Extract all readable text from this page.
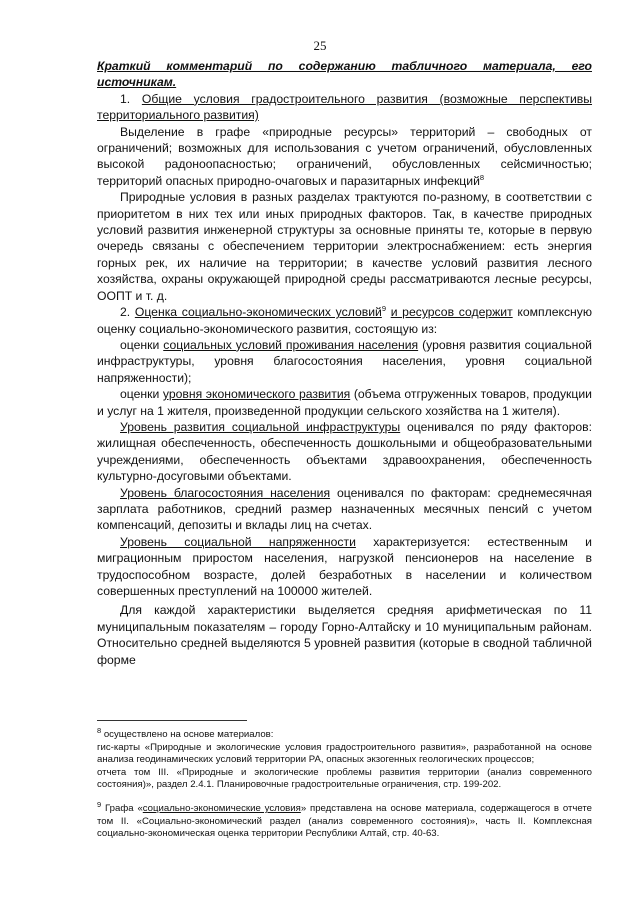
25

Краткий комментарий по содержанию табличного материала, его источникам.

1. Общие условия градостроительного развития (возможные перспективы территориального развития)

Выделение в графе «природные ресурсы» территорий – свободных от ограничений; возможных для использования с учетом ограничений, обусловленных высокой радоноопасностью; ограничений, обусловленных сейсмичностью; территорий опасных природно-очаговых и паразитарных инфекций$^8$

Природные условия в разных разделах трактуются по-разному, в соответствии с приоритетом в них тех или иных природных факторов. Так, в качестве природных условий развития инженерной структуры за основные приняты те, которые в первую очередь связаны с обеспечением территории электроснабжением: есть энергия горных рек, их наличие на территории; в качестве условий развития лесного хозяйства, охраны окружающей природной среды рассматриваются лесные ресурсы, ООПТ и т. д.

2. Оценка социально-экономических условий$^9$ и ресурсов содержит комплексную оценку социально-экономического развития, состоящую из:

оценки социальных условий проживания населения (уровня развития социальной инфраструктуры, уровня благосостояния населения, уровня социальной напряженности);

оценки уровня экономического развития (объема отгруженных товаров, продукции и услуг на 1 жителя, произведенной продукции сельского хозяйства на 1 жителя).

Уровень развития социальной инфраструктуры оценивался по ряду факторов: жилищная обеспеченность, обеспеченность дошкольными и общеобразовательными учреждениями, обеспеченность объектами здравоохранения, обеспеченность культурно-досуговыми объектами.

Уровень благосостояния населения оценивался по факторам: среднемесячная зарплата работников, средний размер назначенных месячных пенсий с учетом компенсаций, депозиты и вклады лиц на счетах.

Уровень социальной напряженности характеризуется: естественным и миграционным приростом населения, нагрузкой пенсионеров на население в трудоспособном возрасте, долей безработных в населении и количеством совершенных преступлений на 100000 жителей.

Для каждой характеристики выделяется средняя арифметическая по 11 муниципальным показателям – городу Горно-Алтайску и 10 муниципальным районам. Относительно средней выделяются 5 уровней развития (которые в сводной табличной форме

$^8$ осуществлено на основе материалов:

гис-карты «Природные и экологические условия градостроительного развития», разработанной на основе анализа геодинамических условий территории РА, опасных экзогенных геологических процессов;

отчета том III. «Природные и экологические проблемы развития территории (анализ современного состояния)», раздел 2.4.1. Планировочные градостроительные ограничения, стр. 199-202.

$^9$ Графа «социально-экономические условия» представлена на основе материала, содержащегося в отчете том II. «Социально-экономический раздел (анализ современного состояния)», часть II. Комплексная социально-экономическая оценка территории Республики Алтай, стр. 40-63.
